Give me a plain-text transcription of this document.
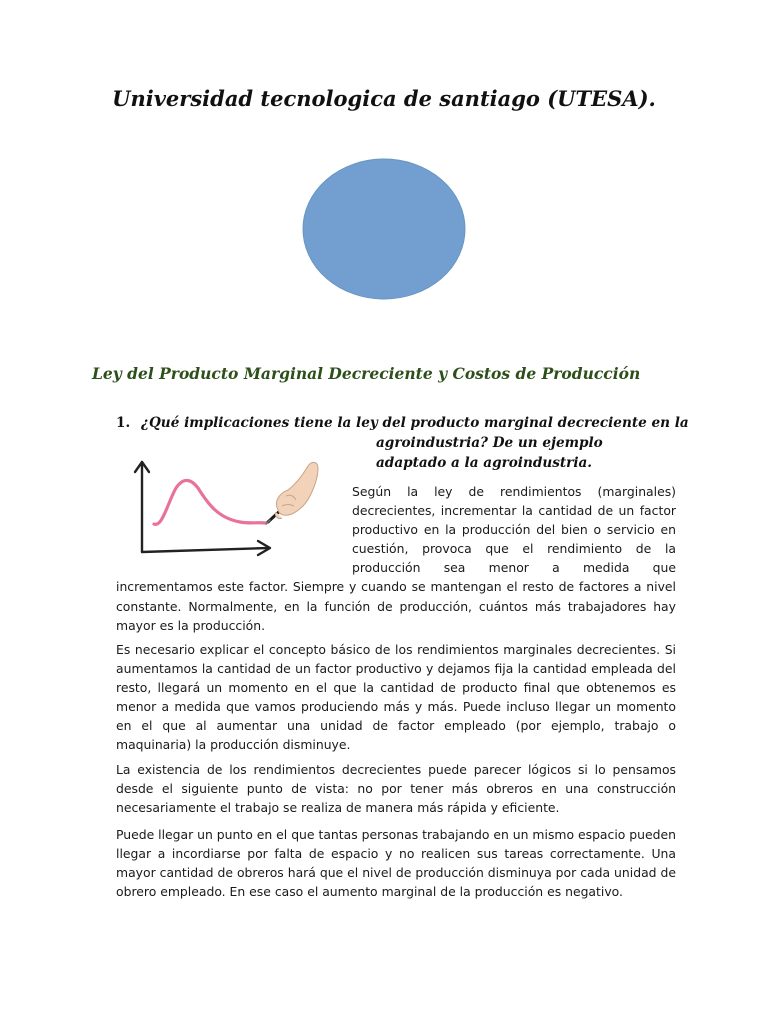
Universidad tecnologica de santiago (UTESA).
Ley del Producto Marginal Decreciente y Costos de Producción
1. ¿Qué implicaciones tiene la ley del producto marginal decreciente en la
agroindustria? De un ejemplo
adaptado a la agroindustria.

Según la ley de rendimientos (marginales) decrecientes, incrementar la cantidad de un factor productivo en la producción del bien o servicio en cuestión, provoca que el rendimiento de la producción sea menor a medida que incrementamos este factor. Siempre y cuando se mantengan el resto de factores a nivel constante. Normalmente, en la función de producción, cuántos más trabajadores hay mayor es la producción.

Es necesario explicar el concepto básico de los rendimientos marginales decrecientes. Si aumentamos la cantidad de un factor productivo y dejamos fija la cantidad empleada del resto, llegará un momento en el que la cantidad de producto final que obtenemos es menor a medida que vamos produciendo más y más. Puede incluso llegar un momento en el que al aumentar una unidad de factor empleado (por ejemplo, trabajo o maquinaria) la producción disminuye.

La existencia de los rendimientos decrecientes puede parecer lógicos si lo pensamos desde el siguiente punto de vista: no por tener más obreros en una construcción necesariamente el trabajo se realiza de manera más rápida y eficiente.

Puede llegar un punto en el que tantas personas trabajando en un mismo espacio pueden llegar a incordiarse por falta de espacio y no realicen sus tareas correctamente. Una mayor cantidad de obreros hará que el nivel de producción disminuya por cada unidad de obrero empleado. En ese caso el aumento marginal de la producción es negativo.
